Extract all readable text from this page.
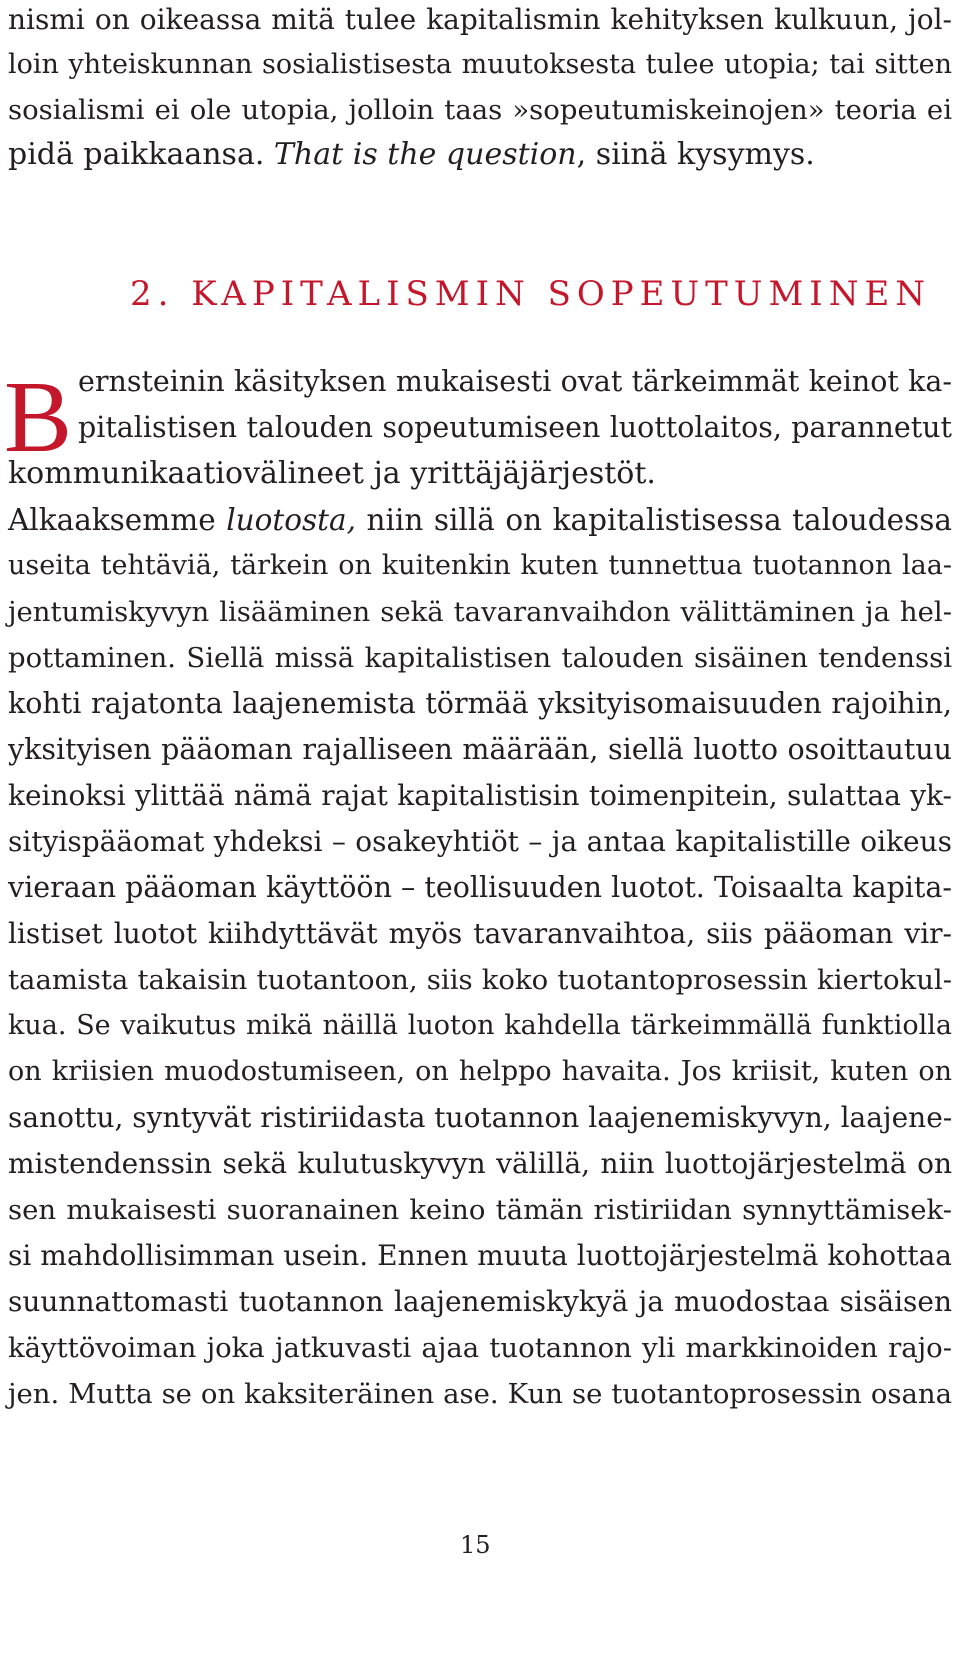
nismi on oikeassa mitä tulee kapitalismin kehityksen kulkuun, jol-
loin yhteiskunnan sosialistisesta muutoksesta tulee utopia; tai sitten
sosialismi ei ole utopia, jolloin taas »sopeutumiskeinojen» teoria ei
pidä paikkaansa. That is the question, siinä kysymys.
2. KAPITALISMIN SOPEUTUMINEN
B ernsteinin käsityksen mukaisesti ovat tärkeimmät keinot ka-
pitalistisen talouden sopeutumiseen luottolaitos, parannetut
kommunikaatiovälineet ja yrittäjäjärjestöt.
Alkaaksemme luotosta, niin sillä on kapitalistisessa taloudessa
useita tehtäviä, tärkein on kuitenkin kuten tunnettua tuotannon laa-
jentumiskyvyn lisääminen sekä tavaranvaihdon välittäminen ja hel-
pottaminen. Siellä missä kapitalistisen talouden sisäinen tendenssi
kohti rajatonta laajenemista törmää yksityisomaisuuden rajoihin,
yksityisen pääoman rajalliseen määrään, siellä luotto osoittautuu
keinoksi ylittää nämä rajat kapitalistisin toimenpitein, sulattaa yk-
sityispääomat yhdeksi – osakeyhtiöt – ja antaa kapitalistille oikeus
vieraan pääoman käyttöön – teollisuuden luotot. Toisaalta kapita-
listiset luotot kiihdyttävät myös tavaranvaihtoa, siis pääoman vir-
taamista takaisin tuotantoon, siis koko tuotantoprosessin kiertokul-
kua. Se vaikutus mikä näillä luoton kahdella tärkeimmällä funktiolla
on kriisien muodostumiseen, on helppo havaita. Jos kriisit, kuten on
sanottu, syntyvät ristiriidasta tuotannon laajenemiskyvyn, laajene-
mistendenssin sekä kulutuskyvyn välillä, niin luottojärjestelmä on
sen mukaisesti suoranainen keino tämän ristiriidan synnyttämisek-
si mahdollisimman usein. Ennen muuta luottojärjestelmä kohottaa
suunnattomasti tuotannon laajenemiskykyä ja muodostaa sisäisen
käyttövoiman joka jatkuvasti ajaa tuotannon yli markkinoiden rajo-
jen. Mutta se on kaksiteräinen ase. Kun se tuotantoprosessin osana
15
